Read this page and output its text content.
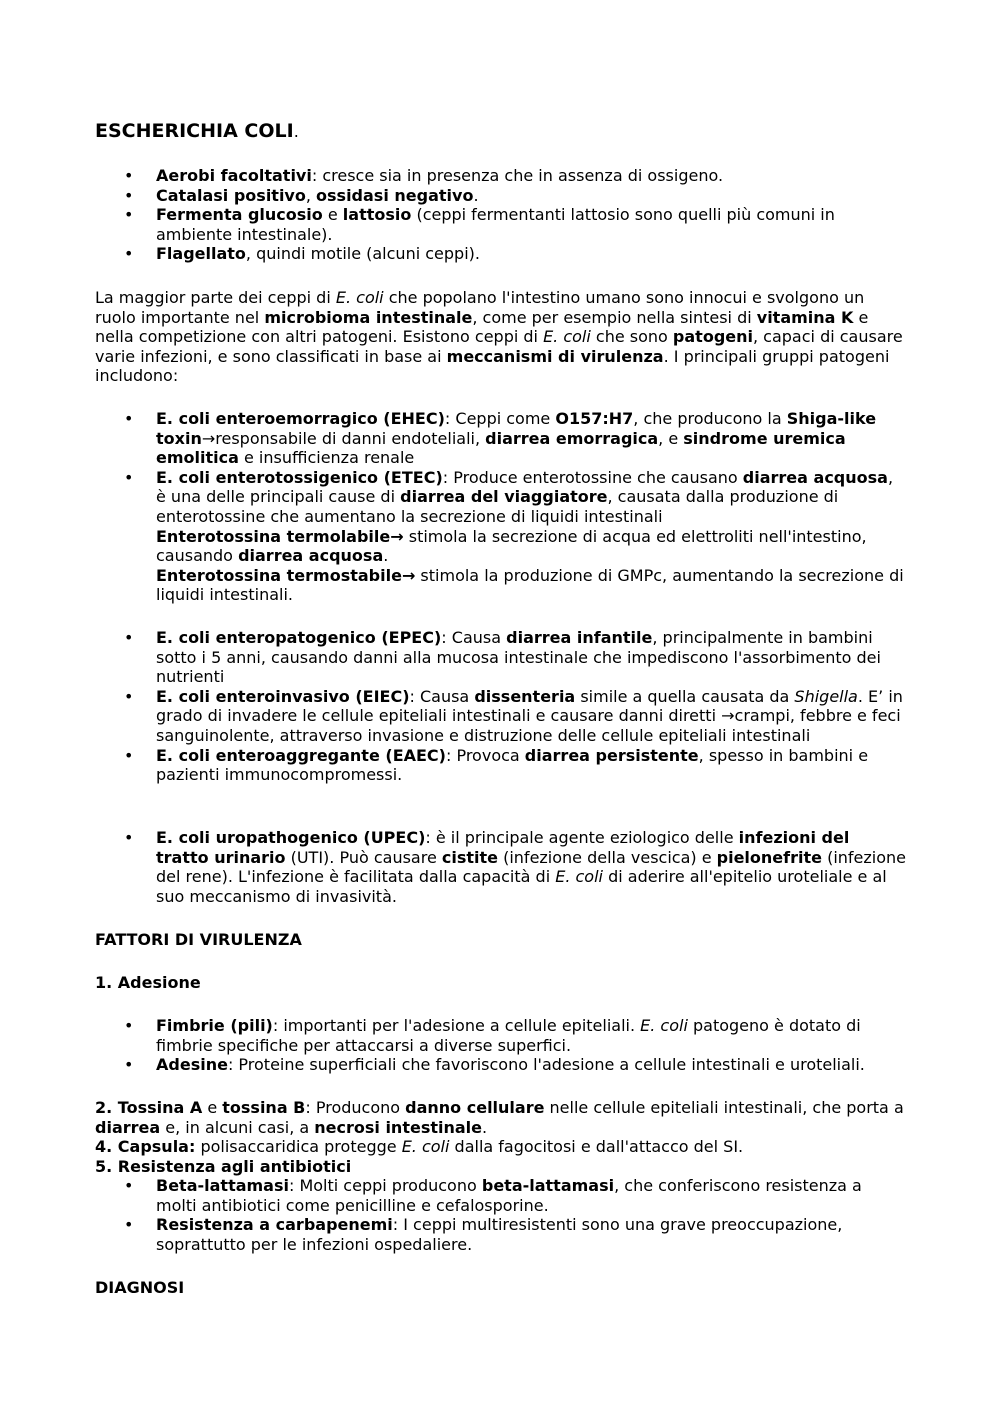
ESCHERICHIA COLI.
• Aerobi facoltativi: cresce sia in presenza che in assenza di ossigeno.
• Catalasi positivo, ossidasi negativo.
• Fermenta glucosio e lattosio (ceppi fermentanti lattosio sono quelli più comuni in ambiente intestinale).
• Flagellato, quindi motile (alcuni ceppi).

La maggior parte dei ceppi di E. coli che popolano l'intestino umano sono innocui e svolgono un ruolo importante nel microbioma intestinale, come per esempio nella sintesi di vitamina K e nella competizione con altri patogeni. Esistono ceppi di E. coli che sono patogeni, capaci di causare varie infezioni, e sono classificati in base ai meccanismi di virulenza. I principali gruppi patogeni includono:

• E. coli enteroemorragico (EHEC): Ceppi come O157:H7, che producono la Shiga-like toxin→responsabile di danni endoteliali, diarrea emorragica, e sindrome uremica emolitica e insufficienza renale
• E. coli enterotossigenico (ETEC): Produce enterotossine che causano diarrea acquosa, è una delle principali cause di diarrea del viaggiatore, causata dalla produzione di enterotossine che aumentano la secrezione di liquidi intestinali
Enterotossina termolabile→ stimola la secrezione di acqua ed elettroliti nell'intestino, causando diarrea acquosa.
Enterotossina termostabile→ stimola la produzione di GMPc, aumentando la secrezione di liquidi intestinali.
• E. coli enteropatogenico (EPEC): Causa diarrea infantile, principalmente in bambini sotto i 5 anni, causando danni alla mucosa intestinale che impediscono l'assorbimento dei nutrienti
• E. coli enteroinvasivo (EIEC): Causa dissenteria simile a quella causata da Shigella. E’ in grado di invadere le cellule epiteliali intestinali e causare danni diretti →crampi, febbre e feci sanguinolente, attraverso invasione e distruzione delle cellule epiteliali intestinali
• E. coli enteroaggregante (EAEC): Provoca diarrea persistente, spesso in bambini e pazienti immunocompromessi.
• E. coli uropathogenico (UPEC): è il principale agente eziologico delle infezioni del tratto urinario (UTI). Può causare cistite (infezione della vescica) e pielonefrite (infezione del rene). L'infezione è facilitata dalla capacità di E. coli di aderire all'epitelio uroteliale e al suo meccanismo di invasività.
FATTORI DI VIRULENZA
1. Adesione
• Fimbrie (pili): importanti per l'adesione a cellule epiteliali. E. coli patogeno è dotato di fimbrie specifiche per attaccarsi a diverse superfici.
• Adesine: Proteine superficiali che favoriscono l'adesione a cellule intestinali e uroteliali.

2. Tossina A e tossina B: Producono danno cellulare nelle cellule epiteliali intestinali, che porta a diarrea e, in alcuni casi, a necrosi intestinale.
4. Capsula: polisaccaridica protegge E. coli dalla fagocitosi e dall'attacco del SI.
5. Resistenza agli antibiotici

• Beta-lattamasi: Molti ceppi producono beta-lattamasi, che conferiscono resistenza a molti antibiotici come penicilline e cefalosporine.
• Resistenza a carbapenemi: I ceppi multiresistenti sono una grave preoccupazione, soprattutto per le infezioni ospedaliere.
DIAGNOSI
